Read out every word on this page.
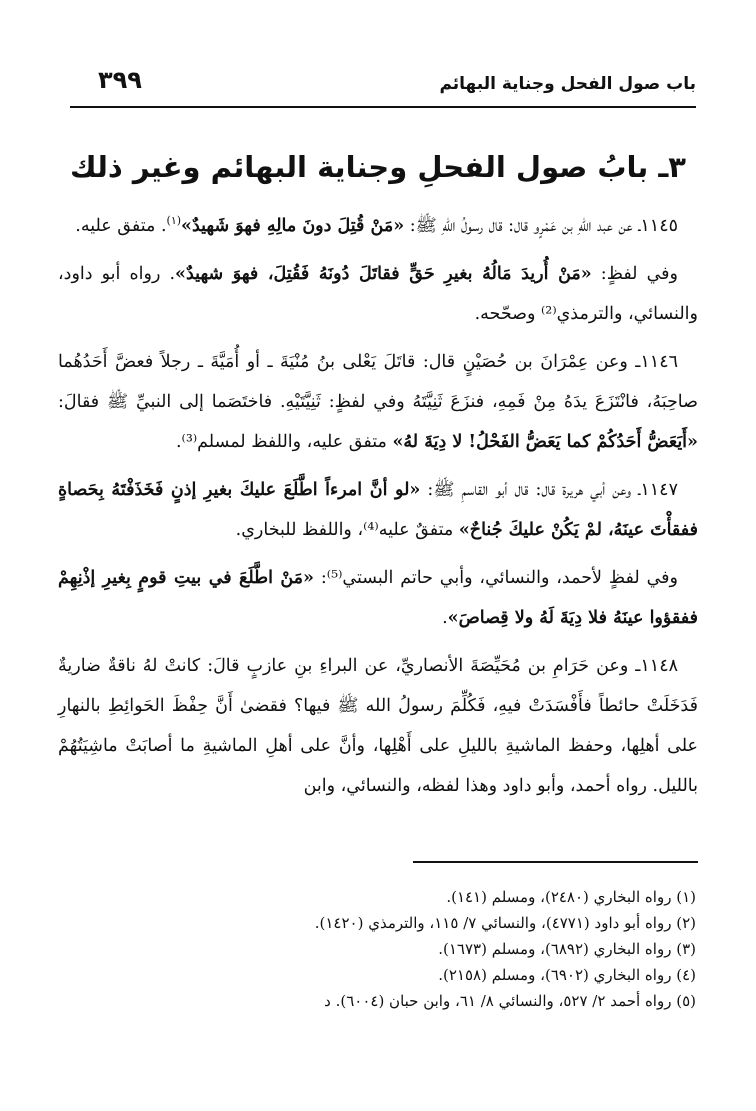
باب صول الفحل وجناية البهائم
٣٩٩
٣ـ بابُ صول الفحلِ وجناية البهائم وغير ذلك

١١٤٥ـ عن عبد اللهِ بن عَمْرٍو قال: قال رسولُ اللهِ ﷺ: «مَنْ قُتِلَ دونَ مالِهِ فهوَ شَهيدٌ»$^{(١)}$. متفق عليه.

وفي لفظٍ: «مَنْ أُريدَ مَالُهُ بغيرِ حَقٍّ فقاتَلَ دُونَهُ فَقُتِلَ، فهوَ شهيدٌ». رواه أبو داود، والنسائي، والترمذي⁽²⁾ وصحّحه.

١١٤٦ـ وعن عِمْرَانَ بن حُصَيْنٍ قال: قاتَلَ يَعْلى بنُ مُنْيَةَ ـ أو أُمَيَّةَ ـ رجلاً فعضَّ أَحَدُهُما صاحِبَهُ، فانْتَزَعَ يدَهُ مِنْ فَمِهِ، فنزَعَ ثَنِيَّتَهُ وفي لفظٍ: ثَنِيَّتَيْهِ. فاختَصَما إلى النبيِّ ﷺ فقالَ: «أَيَعَضُّ أَحَدُكُمْ كما يَعَضُّ الفَحْلُ! لا دِيَةَ لهُ» متفق عليه، واللفظ لمسلم⁽³⁾.

١١٤٧ـ وعن أبي هريرة قال: قال أبو القاسمِ ﷺ: «لو أنَّ امرءاً اطَّلَعَ عليكَ بغيرِ إذنٍ فَخَذَفْتَهُ بِحَصاةٍ ففقأْتَ عينَهُ، لمْ يَكُنْ عليكَ جُناحٌ» متفقٌ عليه⁽⁴⁾، واللفظ للبخاري.

وفي لفظٍ لأحمد، والنسائي، وأبي حاتم البستي⁽⁵⁾: «مَنْ اطَّلَعَ في بيتِ قومٍ بِغيرِ إذْنِهِمْ ففقؤوا عينَهُ فلا دِيَةَ لَهُ ولا قِصاصَ».

١١٤٨ـ وعن حَرَامِ بن مُحَيِّصَةَ الأنصاريِّ، عن البراءِ بنِ عازبٍ قالَ: كانتْ لهُ ناقةٌ ضاريةٌ فَدَخَلَتْ حائطاً فأَفْسَدَتْ فيهِ، فَكُلِّمَ رسولُ الله ﷺ فيها؟ فقضىٰ أَنَّ حِفْظَ الحَوائِطِ بالنهارِ على أهلِها، وحفظ الماشيةِ بالليلِ على أَهْلِها، وأنَّ على أهلِ الماشيةِ ما أصابَتْ ماشِيَتُهُمْ بالليل. رواه أحمد، وأبو داود وهذا لفظه، والنسائي، وابن

(١) رواه البخاري (٢٤٨٠)، ومسلم (١٤١).
(٢) رواه أبو داود (٤٧٧١)، والنسائي ٧/ ١١٥، والترمذي (١٤٢٠).
(٣) رواه البخاري (٦٨٩٢)، ومسلم (١٦٧٣).
(٤) رواه البخاري (٦٩٠٢)، ومسلم (٢١٥٨).
(٥) رواه أحمد ٢/ ٥٢٧، والنسائي ٨/ ٦١، وابن حبان (٦٠٠٤). د
